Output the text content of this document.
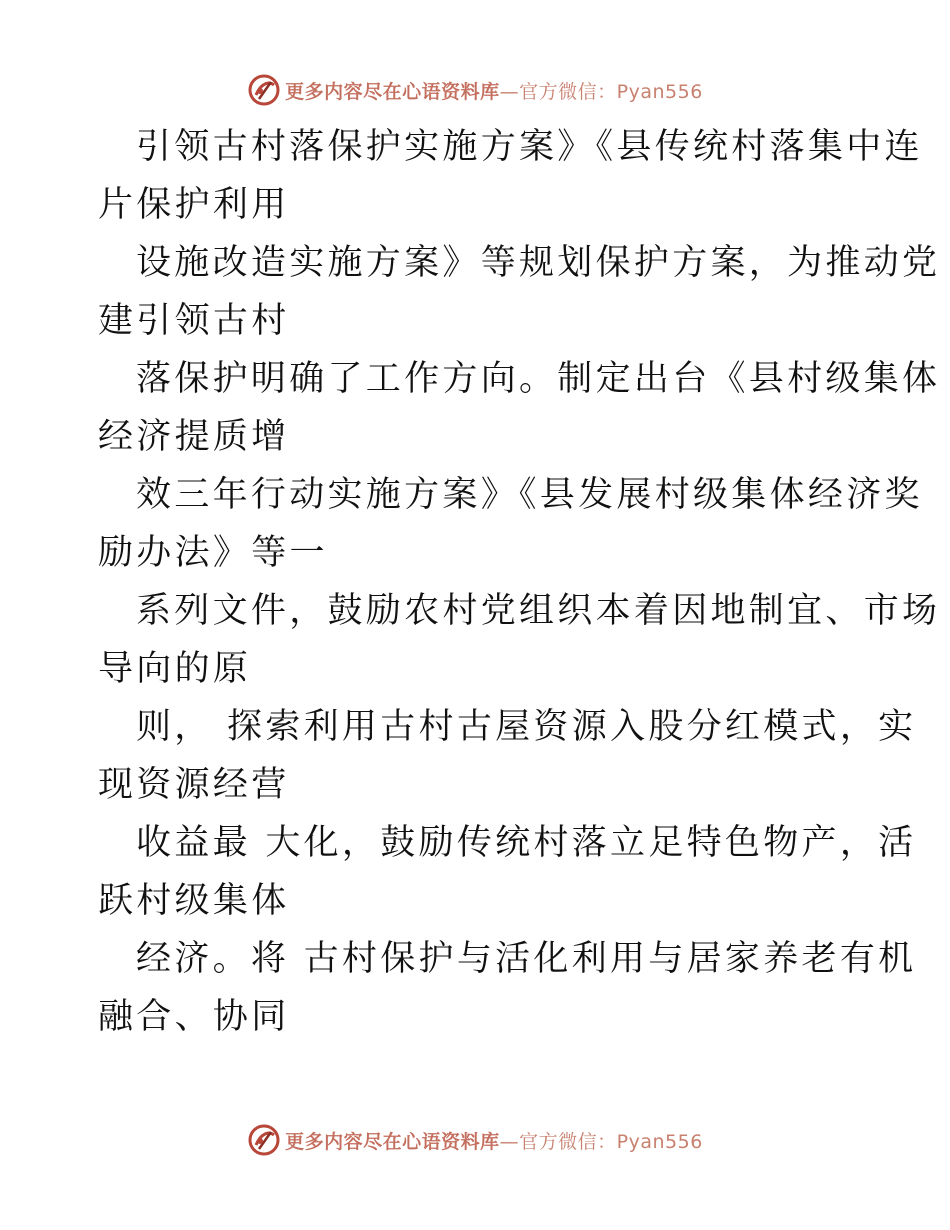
更多内容尽在心语资料库—官方微信：Pyan556
引领古村落保护实施方案》《县传统村落集中连
片保护利用
设施改造实施方案》等规划保护方案，为推动党
建引领古村
落保护明确了工作方向。制定出台《县村级集体
经济提质增
效三年行动实施方案》《县发展村级集体经济奖
励办法》等一
系列文件，鼓励农村党组织本着因地制宜、市场
导向的原
则， 探索利用古村古屋资源入股分红模式，实
现资源经营
收益最 大化，鼓励传统村落立足特色物产，活
跃村级集体
经济。将 古村保护与活化利用与居家养老有机
融合、协同
更多内容尽在心语资料库—官方微信：Pyan556
